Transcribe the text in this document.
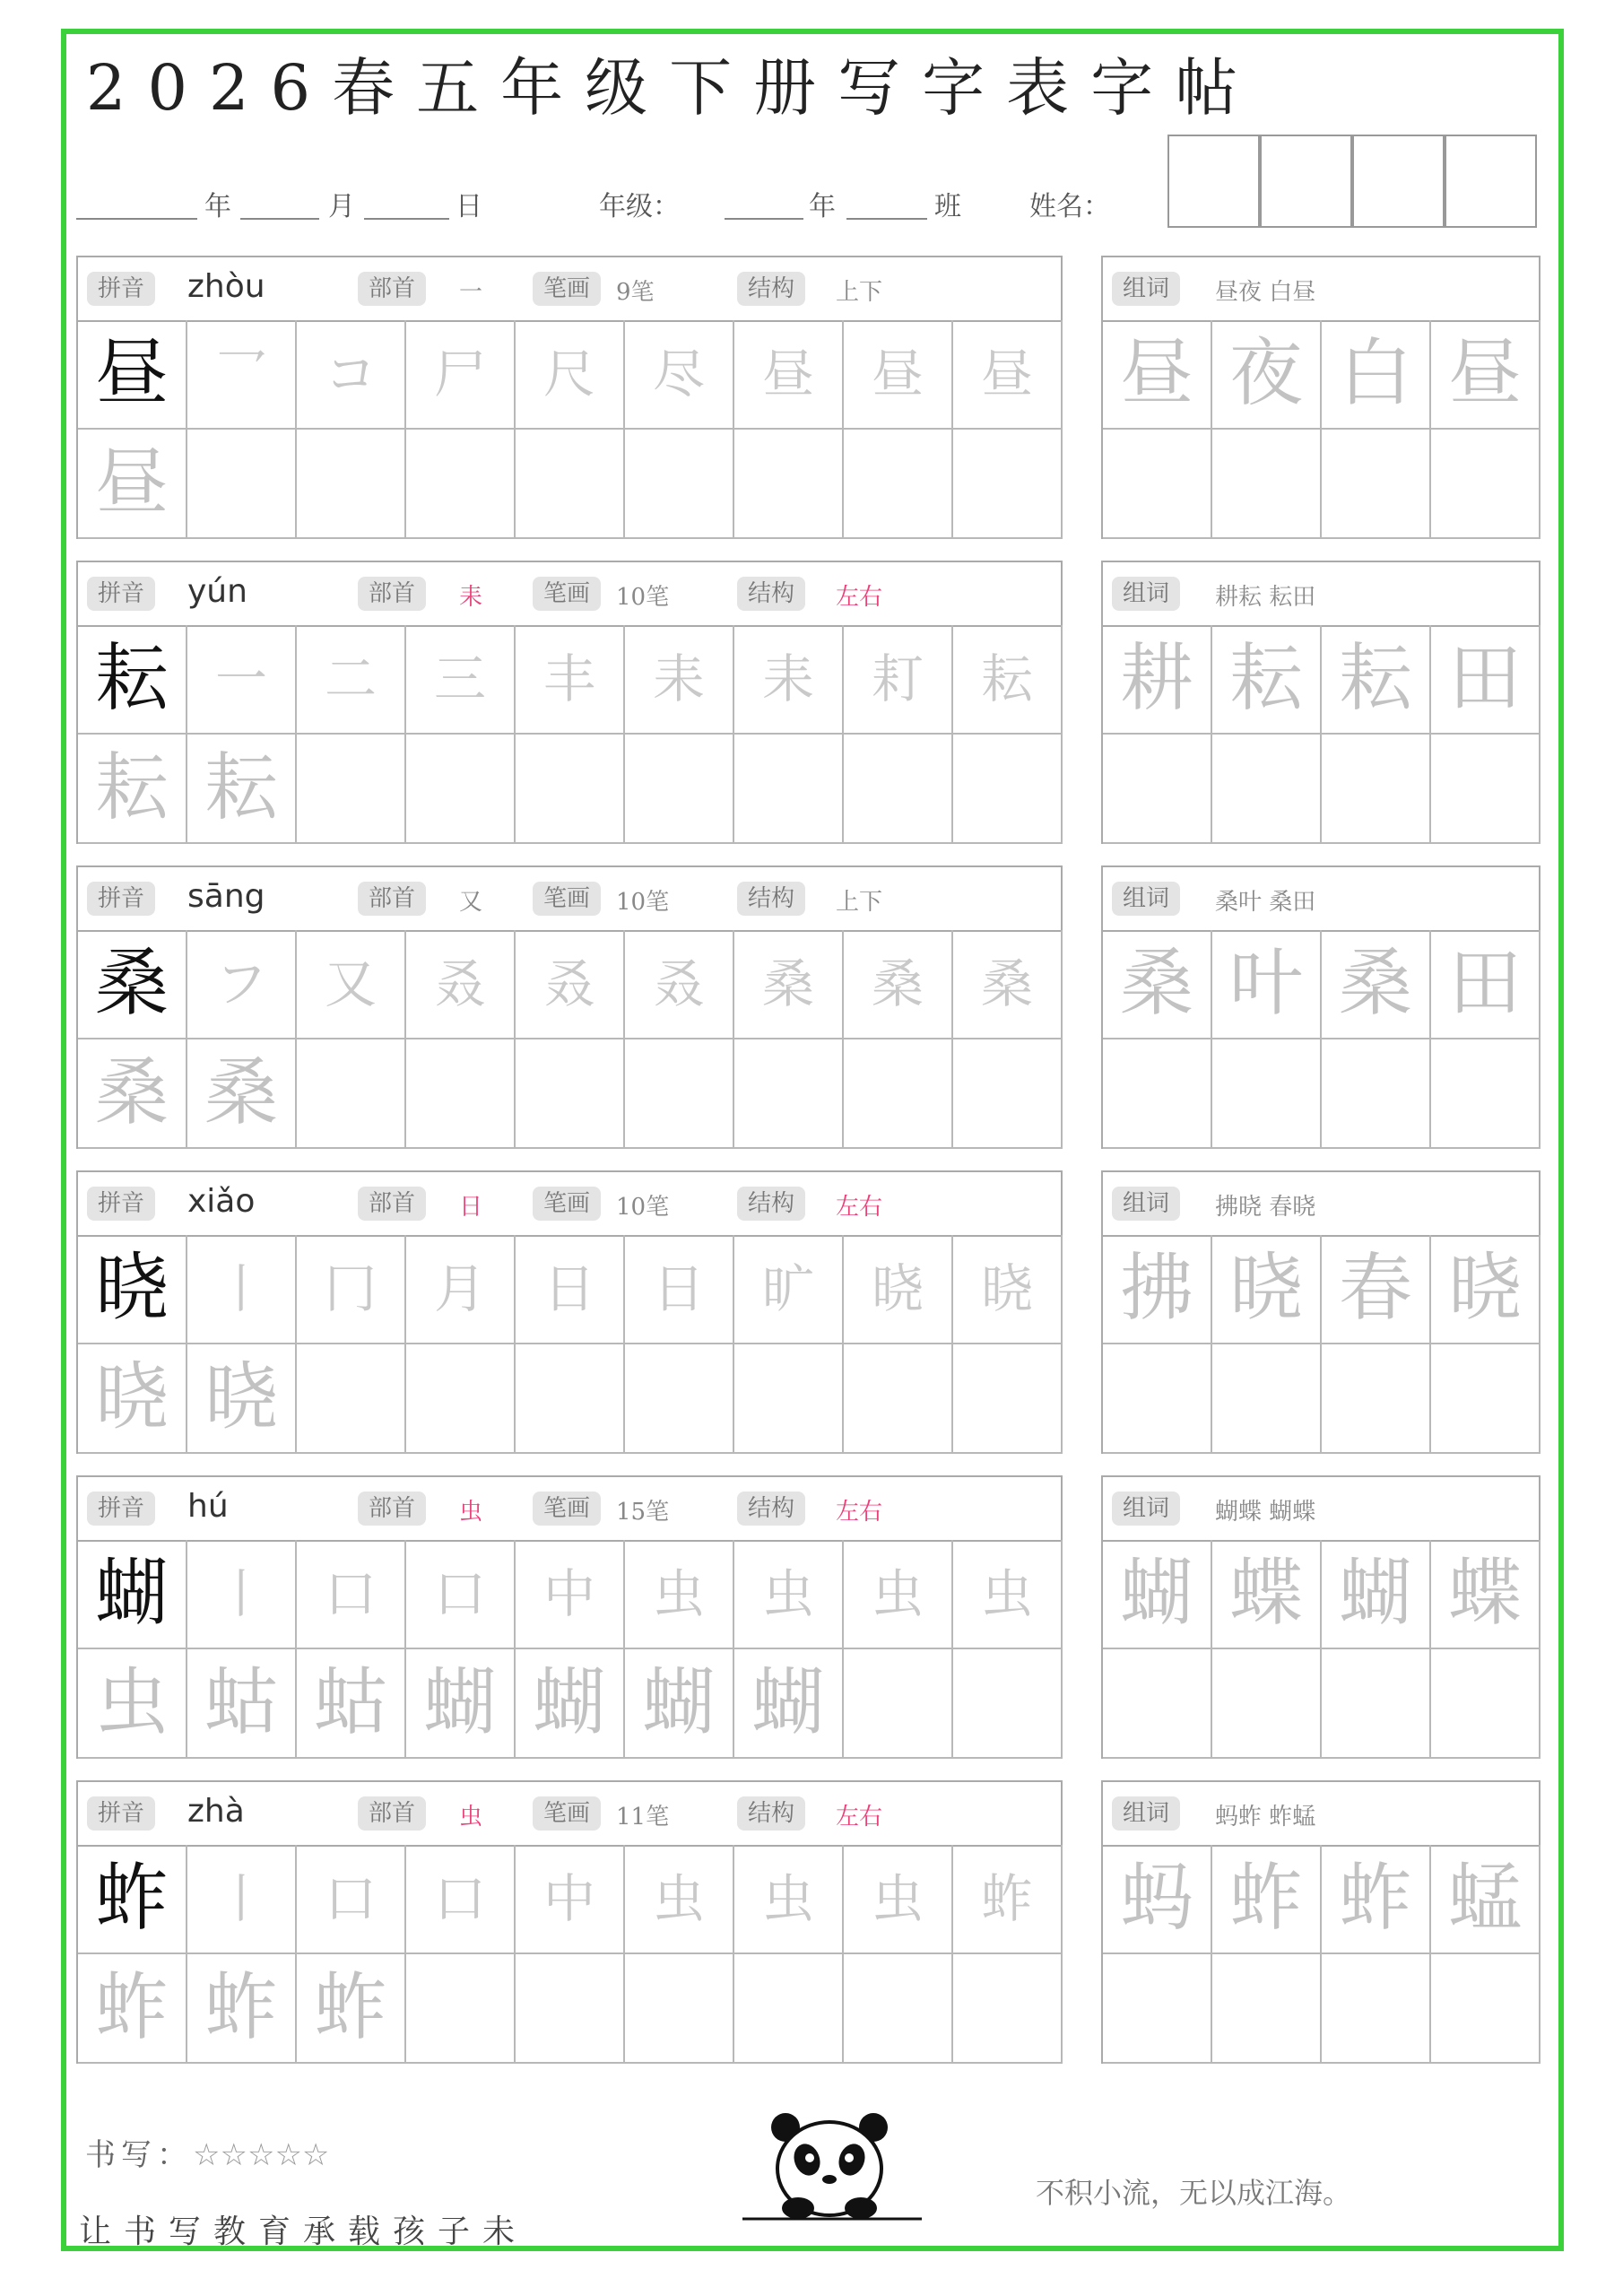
2026春五年级下册写字表字帖
年	月	日	年级：	年	班	姓名：
拼音	zhòu	部首	一	笔画	9笔	结构	上下
昼 乛 コ 尸 尺 尽 昼 昼 昼
昼
组词	昼夜 白昼
昼 夜 白 昼
拼音	yún	部首	耒	笔画	10笔	结构	左右
耘 一 二 三 丰 耒 耒 耓 耘
耘 耘
组词	耕耘 耘田
耕 耘 耘 田
拼音	sāng	部首	又	笔画	10笔	结构	上下
桑 フ 又 叒 叒 叒 桑 桑 桑
桑 桑
组词	桑叶 桑田
桑 叶 桑 田
拼音	xiǎo	部首	日	笔画	10笔	结构	左右
晓 丨 冂 月 日 日 旷 晓 晓
晓 晓
组词	拂晓 春晓
拂 晓 春 晓
拼音	hú	部首	虫	笔画	15笔	结构	左右
蝴 丨 口 口 中 虫 虫 虫 虫
虫 蛄 蛄 蝴 蝴 蝴 蝴
组词	蝴蝶 蝴蝶
蝴 蝶 蝴 蝶
拼音	zhà	部首	虫	笔画	11笔	结构	左右
蚱 丨 口 口 中 虫 虫 虫 蚱
蚱 蚱 蚱
组词	蚂蚱 蚱蜢
蚂 蚱 蚱 蜢
书写：☆☆☆☆☆
让书写教育承载孩子未
不积小流，无以成江海。
